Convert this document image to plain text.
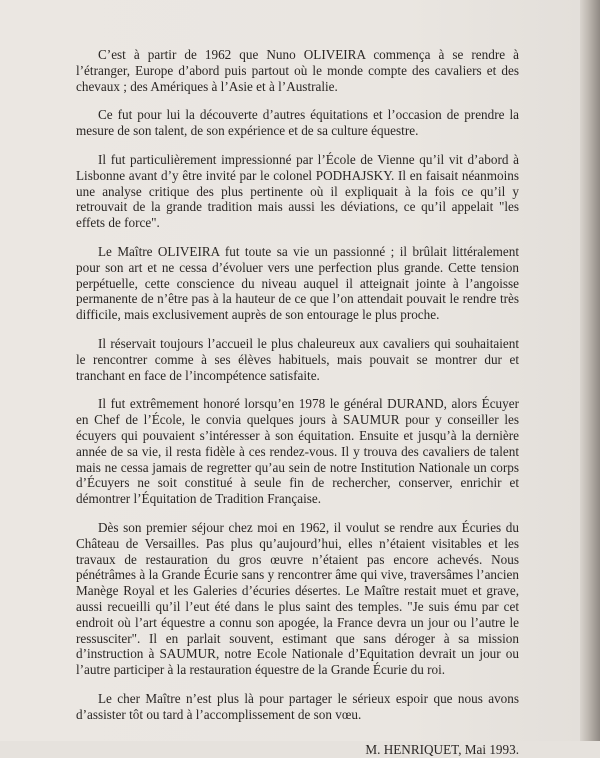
C’est à partir de 1962 que Nuno OLIVEIRA commença à se rendre à l’étranger, Europe d’abord puis partout où le monde compte des cavaliers et des chevaux ; des Amériques à l’Asie et à l’Australie.

Ce fut pour lui la découverte d’autres équitations et l’occasion de prendre la mesure de son talent, de son expérience et de sa culture équestre.

Il fut particulièrement impressionné par l’École de Vienne qu’il vit d’abord à Lisbonne avant d’y être invité par le colonel PODHAJSKY. Il en faisait néanmoins une analyse critique des plus pertinente où il expliquait à la fois ce qu’il y retrouvait de la grande tradition mais aussi les déviations, ce qu’il appelait "les effets de force".

Le Maître OLIVEIRA fut toute sa vie un passionné ; il brûlait littéralement pour son art et ne cessa d’évoluer vers une perfection plus grande. Cette tension perpétuelle, cette conscience du niveau auquel il atteignait jointe à l’angoisse permanente de n’être pas à la hauteur de ce que l’on attendait pouvait le rendre très difficile, mais exclusivement auprès de son entourage le plus proche.

Il réservait toujours l’accueil le plus chaleureux aux cavaliers qui souhaitaient le rencontrer comme à ses élèves habituels, mais pouvait se montrer dur et tranchant en face de l’incompétence satisfaite.

Il fut extrêmement honoré lorsqu’en 1978 le général DURAND, alors Écuyer en Chef de l’École, le convia quelques jours à SAUMUR pour y conseiller les écuyers qui pouvaient s’intéresser à son équitation. Ensuite et jusqu’à la dernière année de sa vie, il resta fidèle à ces rendez-vous. Il y trouva des cavaliers de talent mais ne cessa jamais de regretter qu’au sein de notre Institution Nationale un corps d’Écuyers ne soit constitué à seule fin de rechercher, conserver, enrichir et démontrer l’Équitation de Tradition Française.

Dès son premier séjour chez moi en 1962, il voulut se rendre aux Écuries du Château de Versailles. Pas plus qu’aujourd’hui, elles n’étaient visitables et les travaux de restauration du gros œuvre n’étaient pas encore achevés. Nous pénétrâmes à la Grande Écurie sans y rencontrer âme qui vive, traversâmes l’ancien Manège Royal et les Galeries d’écuries désertes. Le Maître restait muet et grave, aussi recueilli qu’il l’eut été dans le plus saint des temples. "Je suis ému par cet endroit où l’art équestre a connu son apogée, la France devra un jour ou l’autre le ressusciter". Il en parlait souvent, estimant que sans déroger à sa mission d’instruction à SAUMUR, notre Ecole Nationale d’Equitation devrait un jour ou l’autre participer à la restauration équestre de la Grande Écurie du roi.

Le cher Maître n’est plus là pour partager le sérieux espoir que nous avons d’assister tôt ou tard à l’accomplissement de son vœu.

M. HENRIQUET, Mai 1993.
